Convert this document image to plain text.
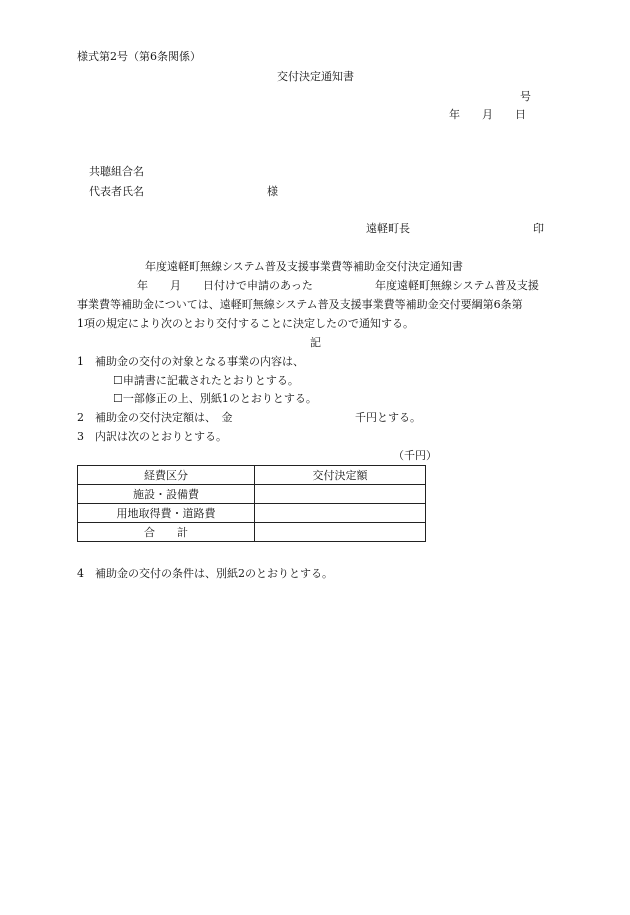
様式第2号（第6条関係）
交付決定通知書
号
年　　月　　日
共聴組合名
代表者氏名	様
遠軽町長	印
年度遠軽町無線システム普及支援事業費等補助金交付決定通知書
年　　月　　日付けで申請のあった	年度遠軽町無線システム普及支援
事業費等補助金については、遠軽町無線システム普及支援事業費等補助金交付要綱第6条第
1項の規定により次のとおり交付することに決定したので通知する。
記
1　補助金の交付の対象となる事業の内容は、
☐申請書に記載されたとおりとする。
☐一部修正の上、別紙1のとおりとする。
2　補助金の交付決定額は、　金	千円とする。
3　内訳は次のとおりとする。
（千円）
経費区分	交付決定額
施設・設備費	
用地取得費・道路費	
合　　計	
4　補助金の交付の条件は、別紙2のとおりとする。
